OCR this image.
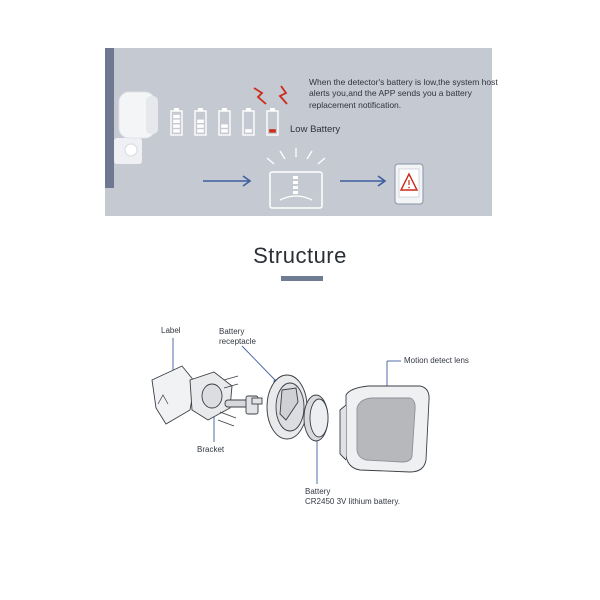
When the detector's battery is low,the system host alerts you,and the APP sends you a battery replacement notification.

Low Battery
Structure
Label	Battery
receptacle
Motion detect lens
Bracket
Battery
CR2450 3V lithium battery.
